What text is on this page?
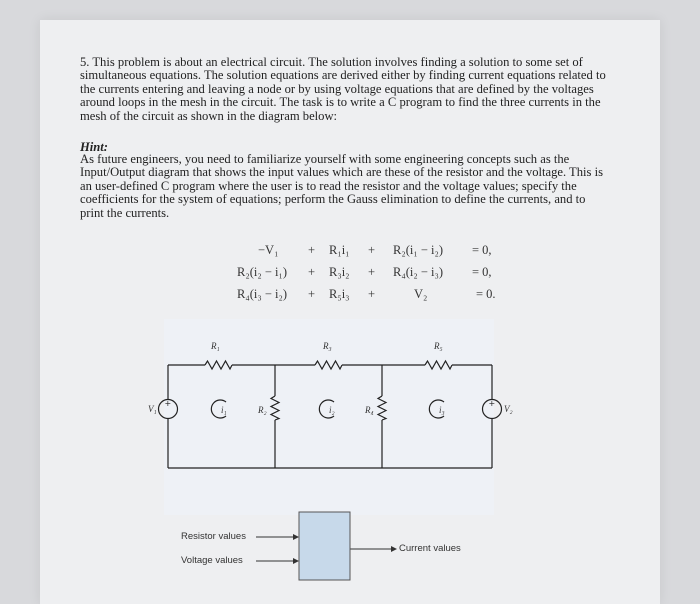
5. This problem is about an electrical circuit. The solution involves finding a solution to some set of simultaneous equations. The solution equations are derived either by finding current equations related to the currents entering and leaving a node or by using voltage equations that are defined by the voltages around loops in the mesh in the circuit. The task is to write a C program to find the three currents in the mesh of the circuit as shown in the diagram below:
Hint:
As future engineers, you need to familiarize yourself with some engineering concepts such as the Input/Output diagram that shows the input values which are these of the resistor and the voltage. This is an user-defined C program where the user is to read the resistor and the voltage values; specify the coefficients for the system of equations; perform the Gauss elimination to define the currents, and to print the currents.
−V₁ + R₁i₁ + R₂(i₁ − i₂) = 0,
R₂(i₂ − i₁) + R₃i₂ + R₄(i₂ − i₃) = 0,
R₄(i₃ − i₂) + R₅i₃ +	V₂	= 0.
+	+
R₁	R₃	R₅
R₂	R₄
V₁	V₂
i₁	i₂	i₃
Resistor values
Voltage values
Current values
